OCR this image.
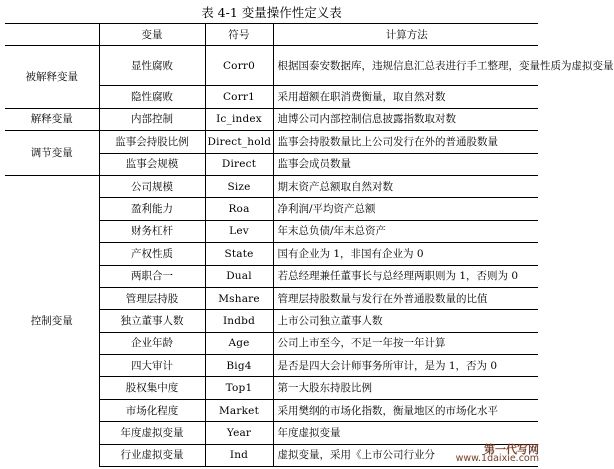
表 4-1 变量操作性定义表
	变量	符号	计算方法
被解释变量	显性腐败	Corr0	根据国泰安数据库，违规信息汇总表进行手工整理，变量性质为虚拟变量
	隐性腐败	Corr1	采用超额在职消费衡量，取自然对数
解释变量	内部控制	Ic_index	迪博公司内部控制信息披露指数取对数
调节变量	监事会持股比例	Direct_hold	监事会持股数量比上公司发行在外的普通股数量
	监事会规模	Direct	监事会成员数量
控制变量	公司规模	Size	期末资产总额取自然对数
	盈利能力	Roa	净利润/平均资产总额
	财务杠杆	Lev	年末总负债/年末总资产
	产权性质	State	国有企业为 1，非国有企业为 0
	两职合一	Dual	若总经理兼任董事长与总经理两职则为 1，否则为 0
	管理层持股	Mshare	管理层持股数量与发行在外普通股数量的比值
	独立董事人数	Indbd	上市公司独立董事人数
	企业年龄	Age	公司上市至今，不足一年按一年计算
	四大审计	Big4	是否是四大会计师事务所审计，是为 1，否为 0
	股权集中度	Top1	第一大股东持股比例
	市场化程度	Market	采用樊纲的市场化指数，衡量地区的市场化水平
	年度虚拟变量	Year	年度虚拟变量
	行业虚拟变量	Ind	虚拟变量，采用《上市公司行业分	第一代写网
www.1daixie.com
